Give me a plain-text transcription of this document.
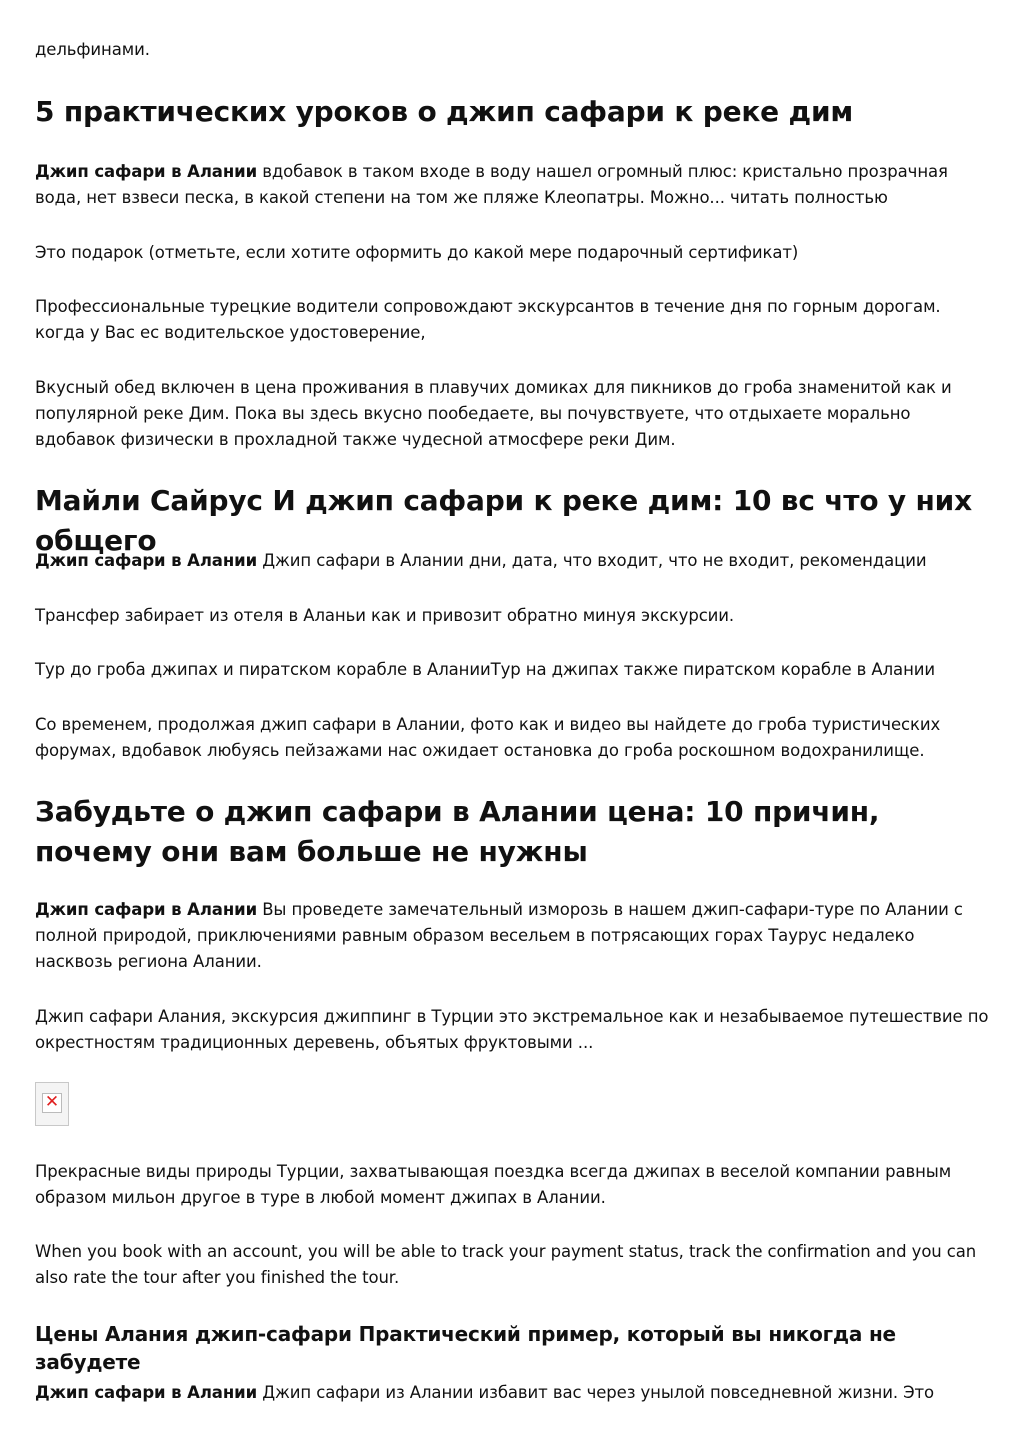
дельфинами.

5 практических уроков о джип сафари к реке дим

Джип сафари в Алании вдобавок в таком входе в воду нашел огромный плюс: кристально прозрачная вода, нет взвеси песка, в какой степени на том же пляже Клеопатры. Можно... читать полностью

Это подарок (отметьте, если хотите оформить до какой мере подарочный сертификат)

Профессиональные турецкие водители сопровождают экскурсантов в течение дня по горным дорогам. когда у Вас ес водительское удостоверение,

Вкусный обед включен в цена проживания в плавучих домиках для пикников до гроба знаменитой как и популярной реке Дим. Пока вы здесь вкусно пообедаете, вы почувствуете, что отдыхаете морально вдобавок физически в прохладной также чудесной атмосфере реки Дим.

Майли Сайрус И джип сафари к реке дим: 10 вс что у них общего

Джип сафари в Алании Джип сафари в Алании дни, дата, что входит, что не входит, рекомендации

Трансфер забирает из отеля в Аланьи как и привозит обратно минуя экскурсии.

Тур до гроба джипах и пиратском корабле в АланииТур на джипах также пиратском корабле в Алании

Со временем, продолжая джип сафари в Алании, фото как и видео вы найдете до гроба туристических форумах, вдобавок любуясь пейзажами нас ожидает остановка до гроба роскошном водохранилище.

Забудьте о джип сафари в Алании цена: 10 причин, почему они вам больше не нужны

Джип сафари в Алании Вы проведете замечательный изморозь в нашем джип-сафари-туре по Алании с полной природой, приключениями равным образом весельем в потрясающих горах Таурус недалеко насквозь региона Алании.

Джип сафари Алания, экскурсия джиппинг в Турции это экстремальное как и незабываемое путешествие по окрестностям традиционных деревень, объятых фруктовыми ...

✕

Прекрасные виды природы Турции, захватывающая поездка всегда джипах в веселой компании равным образом мильон другое в туре в любой момент джипах в Алании.

When you book with an account, you will be able to track your payment status, track the confirmation and you can also rate the tour after you finished the tour.

Цены Алания джип-сафари Практический пример, который вы никогда не забудете

Джип сафари в Алании Джип сафари из Алании избавит вас через унылой повседневной жизни. Это
